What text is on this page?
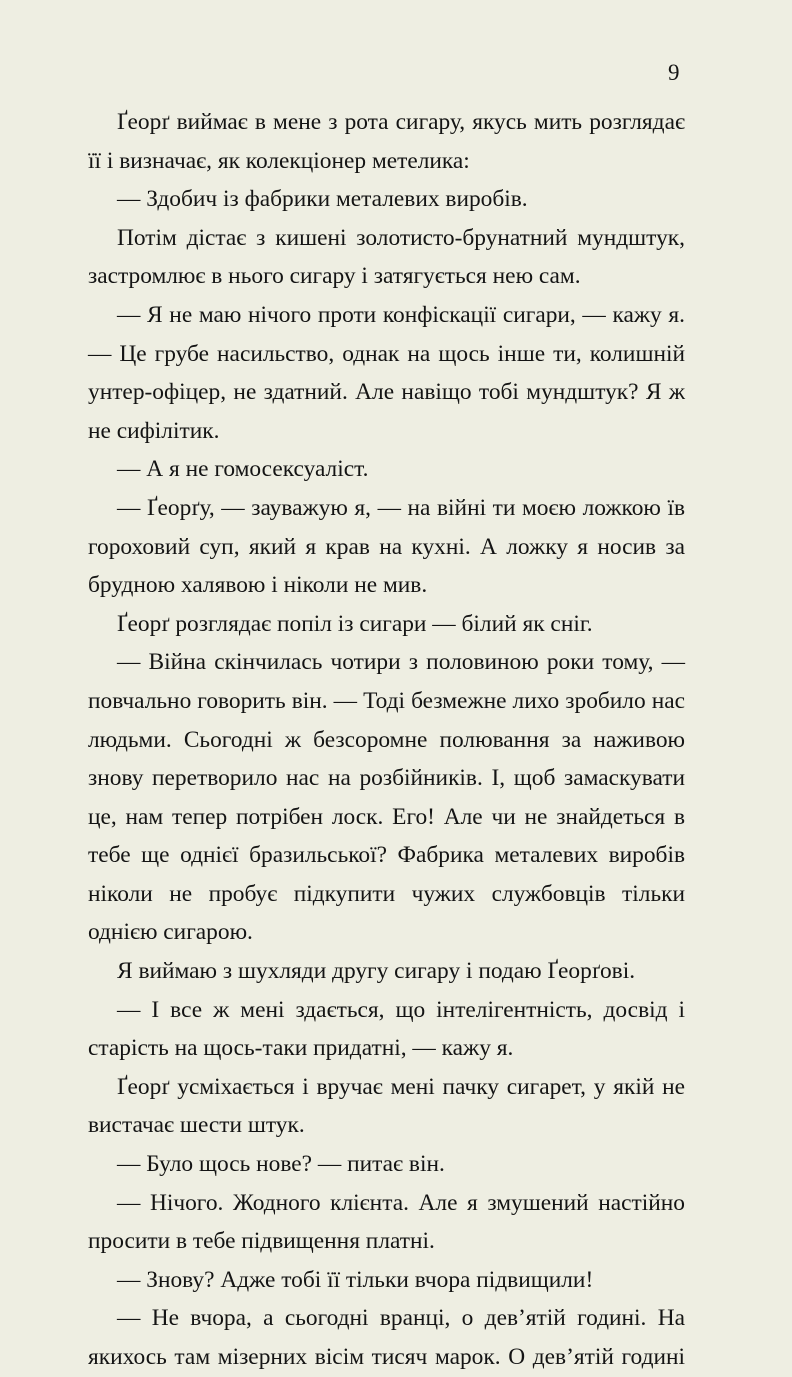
9

Ґеорґ виймає в мене з рота сигару, якусь мить розглядає її і визначає, як колекціонер метелика:

— Здобич із фабрики металевих виробів.

Потім дістає з кишені золотисто-брунатний мундштук, застромлює в нього сигару і затягується нею сам.

— Я не маю нічого проти конфіскації сигари, — кажу я. — Це грубе насильство, однак на щось інше ти, колишній унтер-офіцер, не здатний. Але навіщо тобі мундштук? Я ж не сифілітик.

— А я не гомосексуаліст.

— Ґеорґу, — зауважую я, — на війні ти моєю ложкою їв гороховий суп, який я крав на кухні. А ложку я носив за брудною халявою і ніколи не мив.

Ґеорґ розглядає попіл із сигари — білий як сніг.

— Війна скінчилась чотири з половиною роки тому, — повчально говорить він. — Тоді безмежне лихо зробило нас людьми. Сьогодні ж безсоромне полювання за наживою знову перетворило нас на розбійників. І, щоб замаскувати це, нам тепер потрібен лоск. Его! Але чи не знайдеться в тебе ще однієї бразильської? Фабрика металевих виробів ніколи не пробує підкупити чужих службовців тільки однією сигарою.

Я виймаю з шухляди другу сигару і подаю Ґеорґові.

— І все ж мені здається, що інтелігентність, досвід і старість на щось-таки придатні, — кажу я.

Ґеорґ усміхається і вручає мені пачку сигарет, у якій не вистачає шести штук.

— Було щось нове? — питає він.

— Нічого. Жодного клієнта. Але я змушений настійно просити в тебе підвищення платні.

— Знову? Адже тобі її тільки вчора підвищили!

— Не вчора, а сьогодні вранці, о дев’ятій годині. На якихось там мізерних вісім тисяч марок. О дев’ятій годині
